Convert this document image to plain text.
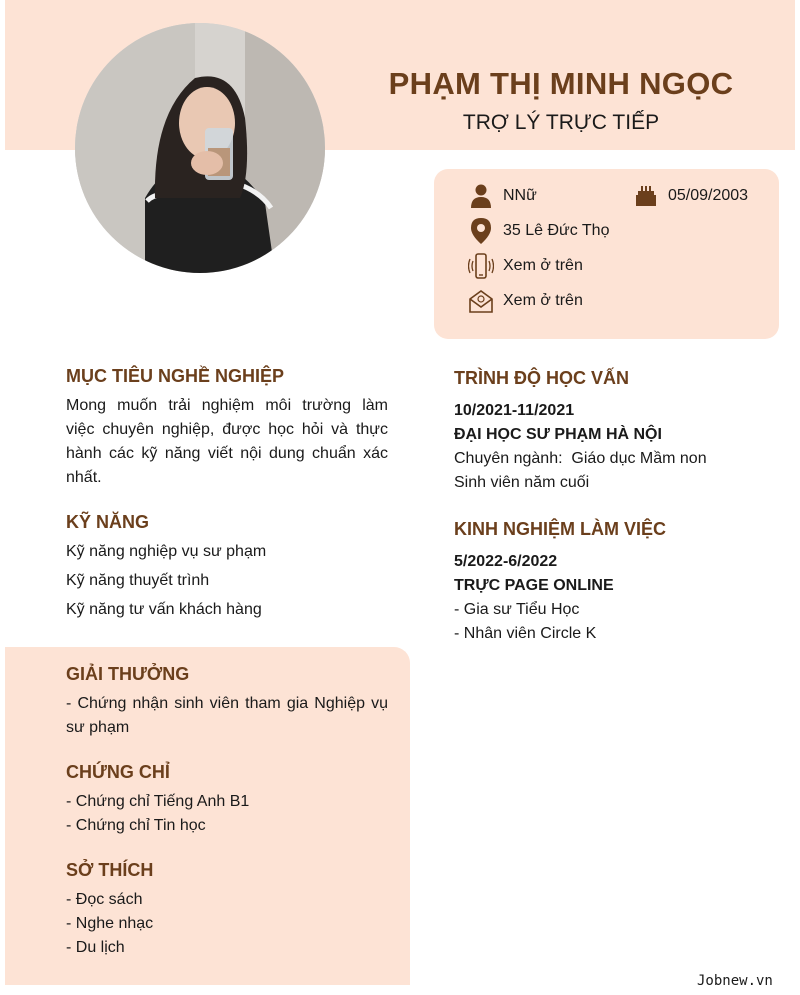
PHẠM THỊ MINH NGỌC
TRỢ LÝ TRỰC TIẾP
NNữ	05/09/2003
35 Lê Đức Thọ
Xem ở trên
Xem ở trên
MỤC TIÊU NGHỀ NGHIỆP
Mong muốn trải nghiệm môi trường làm
việc chuyên nghiệp, được học hỏi và thực
hành các kỹ năng viết nội dung chuẩn xác
nhất.
KỸ NĂNG
Kỹ năng nghiệp vụ sư phạm
Kỹ năng thuyết trình
Kỹ năng tư vấn khách hàng
GIẢI THƯỞNG
- Chứng nhận sinh viên tham gia Nghiệp vụ
sư phạm
CHỨNG CHỈ
- Chứng chỉ Tiếng Anh B1
- Chứng chỉ Tin học
SỞ THÍCH
- Đọc sách
- Nghe nhạc
- Du lịch
TRÌNH ĐỘ HỌC VẤN
10/2021-11/2021
ĐẠI HỌC SƯ PHẠM HÀ NỘI
Chuyên ngành:  Giáo dục Mầm non
Sinh viên năm cuối
KINH NGHIỆM LÀM VIỆC
5/2022-6/2022
TRỰC PAGE ONLINE
- Gia sư Tiểu Học
- Nhân viên Circle K
Jobnew.vn
